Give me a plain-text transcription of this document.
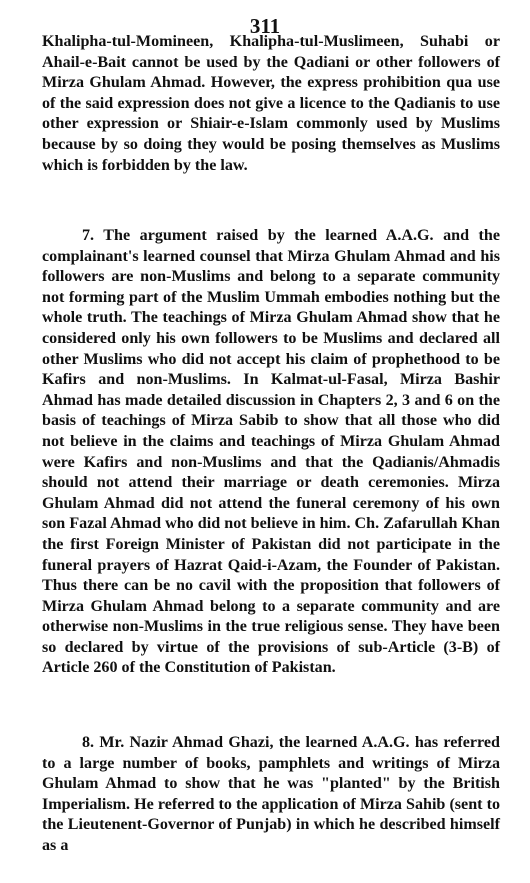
311

Khalipha-tul-Momineen, Khalipha-tul-Muslimeen, Suhabi or Ahail-e-Bait cannot be used by the Qadiani or other followers of Mirza Ghulam Ahmad. However, the express prohibition qua use of the said expression does not give a licence to the Qadianis to use other expression or Shiair-e-Islam commonly used by Muslims because by so doing they would be posing themselves as Muslims which is forbidden by the law.

7. The argument raised by the learned A.A.G. and the complainant's learned counsel that Mirza Ghulam Ahmad and his followers are non-Muslims and belong to a separate community not forming part of the Muslim Ummah embodies nothing but the whole truth. The teachings of Mirza Ghulam Ahmad show that he considered only his own followers to be Muslims and declared all other Muslims who did not accept his claim of prophethood to be Kafirs and non-Muslims. In Kalmat-ul-Fasal, Mirza Bashir Ahmad has made detailed discussion in Chapters 2, 3 and 6 on the basis of teachings of Mirza Sabib to show that all those who did not believe in the claims and teachings of Mirza Ghulam Ahmad were Kafirs and non-Muslims and that the Qadianis/Ahmadis should not attend their marriage or death ceremonies. Mirza Ghulam Ahmad did not attend the funeral ceremony of his own son Fazal Ahmad who did not believe in him. Ch. Zafarullah Khan the first Foreign Minister of Pakistan did not participate in the funeral prayers of Hazrat Qaid-i-Azam, the Founder of Pakistan. Thus there can be no cavil with the proposition that followers of Mirza Ghulam Ahmad belong to a separate community and are otherwise non-Muslims in the true religious sense. They have been so declared by virtue of the provisions of sub-Article (3-B) of Article 260 of the Constitution of Pakistan.

8. Mr. Nazir Ahmad Ghazi, the learned A.A.G. has referred to a large number of books, pamphlets and writings of Mirza Ghulam Ahmad to show that he was "planted" by the British Imperialism. He referred to the application of Mirza Sahib (sent to the Lieutenent-Governor of Punjab) in which he described himself as a
